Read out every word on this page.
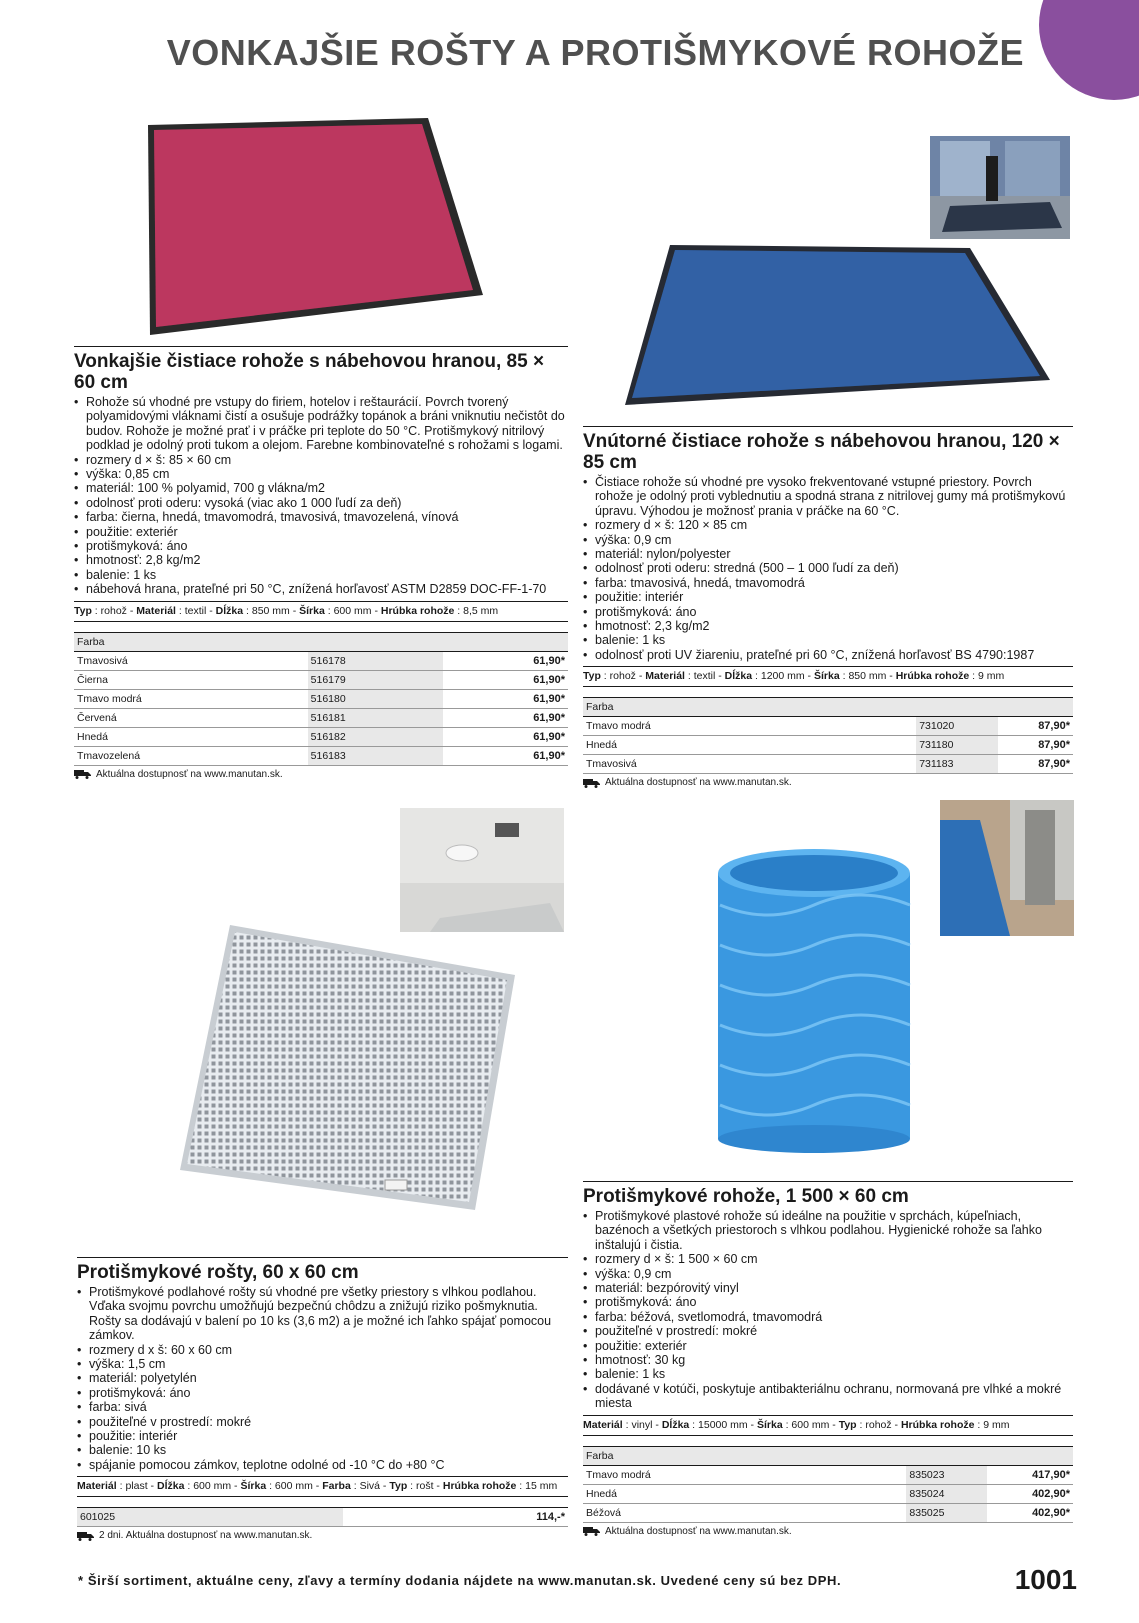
VONKAJŠIE ROŠTY A PROTIŠMYKOVÉ ROHOŽE
Vonkajšie čistiace rohože s nábehovou hranou, 85 × 60 cm
• Rohože sú vhodné pre vstupy do firiem, hotelov i reštaurácií. Povrch tvorený polyamidovými vláknami čistí a osušuje podrážky topánok a bráni vniknutiu nečistôt do budov. Rohože je možné prať i v práčke pri teplote do 50 °C. Protišmykový nitrilový podklad je odolný proti tukom a olejom. Farebne kombinovateľné s rohožami s logami.
• rozmery d × š: 85 × 60 cm
• výška: 0,85 cm
• materiál: 100 % polyamid, 700 g vlákna/m2
• odolnosť proti oderu: vysoká (viac ako 1 000 ľudí za deň)
• farba: čierna, hnedá, tmavomodrá, tmavosivá, tmavozelená, vínová
• použitie: exteriér
• protišmyková: áno
• hmotnosť: 2,8 kg/m2
• balenie: 1 ks
• nábehová hrana, prateľné pri 50 °C, znížená horľavosť ASTM D2859 DOC-FF-1-70
Typ : rohož - Materiál : textil - Dĺžka : 850 mm - Šírka : 600 mm - Hrúbka rohože : 8,5 mm
Farba		
Tmavosivá	516178	61,90*
Čierna	516179	61,90*
Tmavo modrá	516180	61,90*
Červená	516181	61,90*
Hnedá	516182	61,90*
Tmavozelená	516183	61,90*
Aktuálna dostupnosť na www.manutan.sk.
Vnútorné čistiace rohože s nábehovou hranou, 120 × 85 cm
• Čistiace rohože sú vhodné pre vysoko frekventované vstupné priestory. Povrch rohože je odolný proti vyblednutiu a spodná strana z nitrilovej gumy má protišmykovú úpravu. Výhodou je možnosť prania v práčke na 60 °C.
• rozmery d × š: 120 × 85 cm
• výška: 0,9 cm
• materiál: nylon/polyester
• odolnosť proti oderu: stredná (500 – 1 000 ľudí za deň)
• farba: tmavosivá, hnedá, tmavomodrá
• použitie: interiér
• protišmyková: áno
• hmotnosť: 2,3 kg/m2
• balenie: 1 ks
• odolnosť proti UV žiareniu, prateľné pri 60 °C, znížená horľavosť BS 4790:1987
Typ : rohož - Materiál : textil - Dĺžka : 1200 mm - Šírka : 850 mm - Hrúbka rohože : 9 mm
Farba		
Tmavo modrá	731020	87,90*
Hnedá	731180	87,90*
Tmavosivá	731183	87,90*
Aktuálna dostupnosť na www.manutan.sk.
Protišmykové rošty, 60 x 60 cm
• Protišmykové podlahové rošty sú vhodné pre všetky priestory s vlhkou podlahou. Vďaka svojmu povrchu umožňujú bezpečnú chôdzu a znižujú riziko pošmyknutia. Rošty sa dodávajú v balení po 10 ks (3,6 m2) a je možné ich ľahko spájať pomocou zámkov.
• rozmery d x š: 60 x 60 cm
• výška: 1,5 cm
• materiál: polyetylén
• protišmyková: áno
• farba: sivá
• použiteľné v prostredí: mokré
• použitie: interiér
• balenie: 10 ks
• spájanie pomocou zámkov, teplotne odolné od -10 °C do +80 °C
Materiál : plast - Dĺžka : 600 mm - Šírka : 600 mm - Farba : Sivá - Typ : rošt - Hrúbka rohože : 15 mm
601025	114,-*
2 dni. Aktuálna dostupnosť na www.manutan.sk.
Protišmykové rohože, 1 500 × 60 cm
• Protišmykové plastové rohože sú ideálne na použitie v sprchách, kúpeľniach, bazénoch a všetkých priestoroch s vlhkou podlahou. Hygienické rohože sa ľahko inštalujú i čistia.
• rozmery d × š: 1 500 × 60 cm
• výška: 0,9 cm
• materiál: bezpórovitý vinyl
• protišmyková: áno
• farba: béžová, svetlomodrá, tmavomodrá
• použiteľné v prostredí: mokré
• použitie: exteriér
• hmotnosť: 30 kg
• balenie: 1 ks
• dodávané v kotúči, poskytuje antibakteriálnu ochranu, normovaná pre vlhké a mokré miesta
Materiál : vinyl - Dĺžka : 15000 mm - Šírka : 600 mm - Typ : rohož - Hrúbka rohože : 9 mm
Farba		
Tmavo modrá	835023	417,90*
Hnedá	835024	402,90*
Béžová	835025	402,90*
Aktuálna dostupnosť na www.manutan.sk.
* Širší sortiment, aktuálne ceny, zľavy a termíny dodania nájdete na www.manutan.sk. Uvedené ceny sú bez DPH.	1001
